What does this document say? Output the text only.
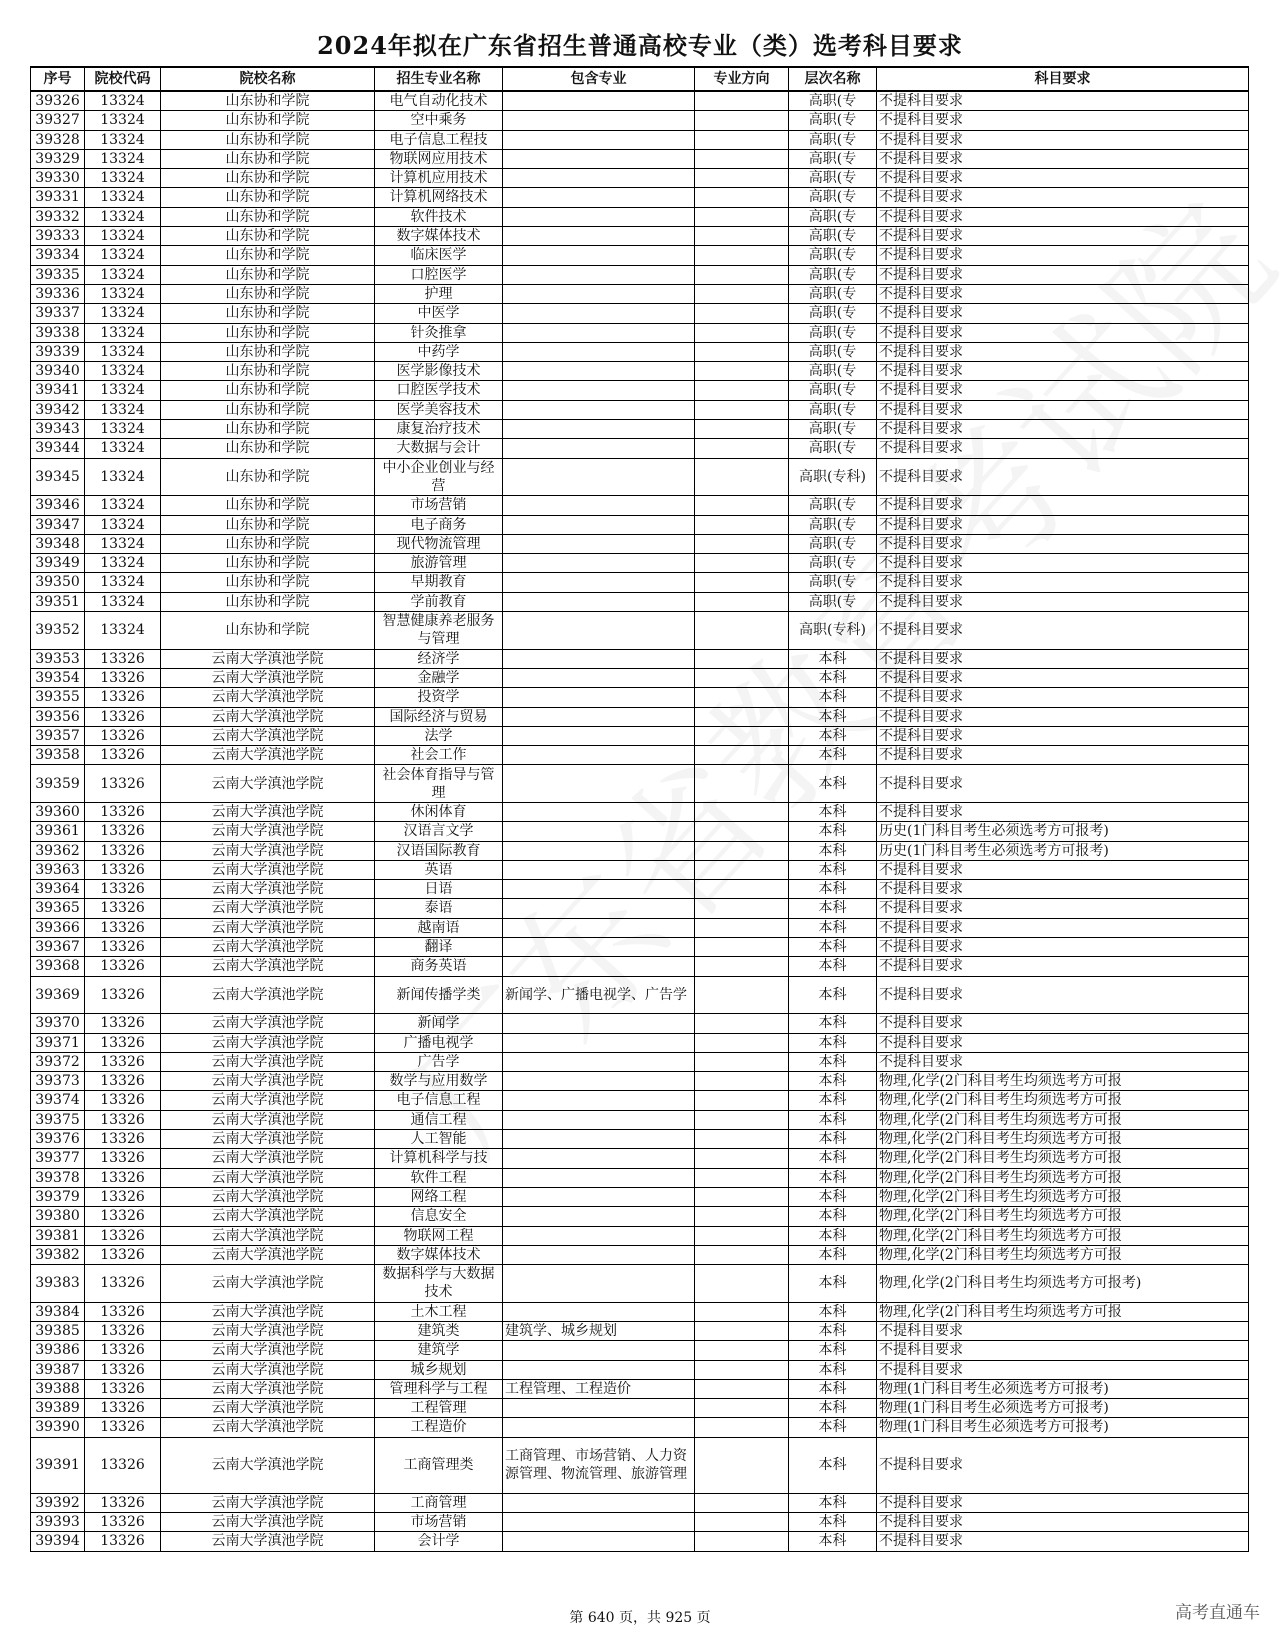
2024年拟在广东省招生普通高校专业（类）选考科目要求
序号	院校代码	院校名称	招生专业名称	包含专业	专业方向	层次名称	科目要求
39326	13324	山东协和学院	电气自动化技术			高职(专	不提科目要求
39327	13324	山东协和学院	空中乘务			高职(专	不提科目要求
39328	13324	山东协和学院	电子信息工程技			高职(专	不提科目要求
39329	13324	山东协和学院	物联网应用技术			高职(专	不提科目要求
39330	13324	山东协和学院	计算机应用技术			高职(专	不提科目要求
39331	13324	山东协和学院	计算机网络技术			高职(专	不提科目要求
39332	13324	山东协和学院	软件技术			高职(专	不提科目要求
39333	13324	山东协和学院	数字媒体技术			高职(专	不提科目要求
39334	13324	山东协和学院	临床医学			高职(专	不提科目要求
39335	13324	山东协和学院	口腔医学			高职(专	不提科目要求
39336	13324	山东协和学院	护理			高职(专	不提科目要求
39337	13324	山东协和学院	中医学			高职(专	不提科目要求
39338	13324	山东协和学院	针灸推拿			高职(专	不提科目要求
39339	13324	山东协和学院	中药学			高职(专	不提科目要求
39340	13324	山东协和学院	医学影像技术			高职(专	不提科目要求
39341	13324	山东协和学院	口腔医学技术			高职(专	不提科目要求
39342	13324	山东协和学院	医学美容技术			高职(专	不提科目要求
39343	13324	山东协和学院	康复治疗技术			高职(专	不提科目要求
39344	13324	山东协和学院	大数据与会计			高职(专	不提科目要求
39345	13324	山东协和学院	中小企业创业与经营			高职(专科)	不提科目要求
39346	13324	山东协和学院	市场营销			高职(专	不提科目要求
39347	13324	山东协和学院	电子商务			高职(专	不提科目要求
39348	13324	山东协和学院	现代物流管理			高职(专	不提科目要求
39349	13324	山东协和学院	旅游管理			高职(专	不提科目要求
39350	13324	山东协和学院	早期教育			高职(专	不提科目要求
39351	13324	山东协和学院	学前教育			高职(专	不提科目要求
39352	13324	山东协和学院	智慧健康养老服务与管理			高职(专科)	不提科目要求
39353	13326	云南大学滇池学院	经济学			本科	不提科目要求
39354	13326	云南大学滇池学院	金融学			本科	不提科目要求
39355	13326	云南大学滇池学院	投资学			本科	不提科目要求
39356	13326	云南大学滇池学院	国际经济与贸易			本科	不提科目要求
39357	13326	云南大学滇池学院	法学			本科	不提科目要求
39358	13326	云南大学滇池学院	社会工作			本科	不提科目要求
39359	13326	云南大学滇池学院	社会体育指导与管理			本科	不提科目要求
39360	13326	云南大学滇池学院	休闲体育			本科	不提科目要求
39361	13326	云南大学滇池学院	汉语言文学			本科	历史(1门科目考生必须选考方可报考)
39362	13326	云南大学滇池学院	汉语国际教育			本科	历史(1门科目考生必须选考方可报考)
39363	13326	云南大学滇池学院	英语			本科	不提科目要求
39364	13326	云南大学滇池学院	日语			本科	不提科目要求
39365	13326	云南大学滇池学院	泰语			本科	不提科目要求
39366	13326	云南大学滇池学院	越南语			本科	不提科目要求
39367	13326	云南大学滇池学院	翻译			本科	不提科目要求
39368	13326	云南大学滇池学院	商务英语			本科	不提科目要求
39369	13326	云南大学滇池学院	新闻传播学类	新闻学、广播电视学、广告学		本科	不提科目要求
39370	13326	云南大学滇池学院	新闻学			本科	不提科目要求
39371	13326	云南大学滇池学院	广播电视学			本科	不提科目要求
39372	13326	云南大学滇池学院	广告学			本科	不提科目要求
39373	13326	云南大学滇池学院	数学与应用数学			本科	物理,化学(2门科目考生均须选考方可报
39374	13326	云南大学滇池学院	电子信息工程			本科	物理,化学(2门科目考生均须选考方可报
39375	13326	云南大学滇池学院	通信工程			本科	物理,化学(2门科目考生均须选考方可报
39376	13326	云南大学滇池学院	人工智能			本科	物理,化学(2门科目考生均须选考方可报
39377	13326	云南大学滇池学院	计算机科学与技			本科	物理,化学(2门科目考生均须选考方可报
39378	13326	云南大学滇池学院	软件工程			本科	物理,化学(2门科目考生均须选考方可报
39379	13326	云南大学滇池学院	网络工程			本科	物理,化学(2门科目考生均须选考方可报
39380	13326	云南大学滇池学院	信息安全			本科	物理,化学(2门科目考生均须选考方可报
39381	13326	云南大学滇池学院	物联网工程			本科	物理,化学(2门科目考生均须选考方可报
39382	13326	云南大学滇池学院	数字媒体技术			本科	物理,化学(2门科目考生均须选考方可报
39383	13326	云南大学滇池学院	数据科学与大数据技术			本科	物理,化学(2门科目考生均须选考方可报考)
39384	13326	云南大学滇池学院	土木工程			本科	物理,化学(2门科目考生均须选考方可报
39385	13326	云南大学滇池学院	建筑类	建筑学、城乡规划		本科	不提科目要求
39386	13326	云南大学滇池学院	建筑学			本科	不提科目要求
39387	13326	云南大学滇池学院	城乡规划			本科	不提科目要求
39388	13326	云南大学滇池学院	管理科学与工程	工程管理、工程造价		本科	物理(1门科目考生必须选考方可报考)
39389	13326	云南大学滇池学院	工程管理			本科	物理(1门科目考生必须选考方可报考)
39390	13326	云南大学滇池学院	工程造价			本科	物理(1门科目考生必须选考方可报考)
39391	13326	云南大学滇池学院	工商管理类	工商管理、市场营销、人力资源管理、物流管理、旅游管理		本科	不提科目要求
39392	13326	云南大学滇池学院	工商管理			本科	不提科目要求
39393	13326	云南大学滇池学院	市场营销			本科	不提科目要求
39394	13326	云南大学滇池学院	会计学			本科	不提科目要求
第 640 页，共 925 页	高考直通车
